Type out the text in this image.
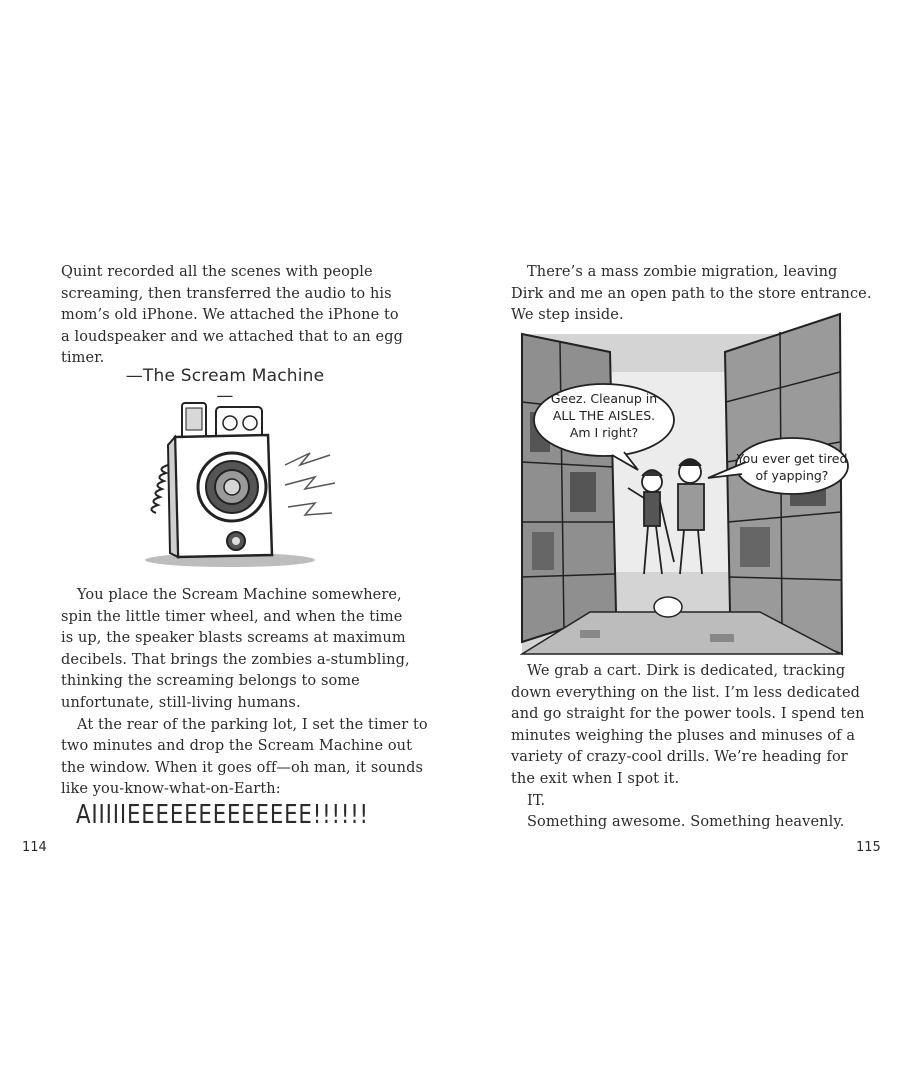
Quint recorded all the scenes with people
screaming, then transferred the audio to his
mom’s old iPhone. We attached the iPhone to
a loudspeaker and we attached that to an egg
timer.
—The Scream Machine—
You place the Scream Machine somewhere,
spin the little timer wheel, and when the time
is up, the speaker blasts screams at maximum
decibels. That brings the zombies a-stumbling,
thinking the screaming belongs to some
unfortunate, still-living humans.
At the rear of the parking lot, I set the timer to
two minutes and drop the Scream Machine out
the window. When it goes off—oh man, it sounds
like you-know-what-on-Earth:
AIIIIIEEEEEEEEEEEEE!!!!!!
114
There’s a mass zombie migration, leaving
Dirk and me an open path to the store entrance.
We step inside.
Geez. Cleanup in
ALL THE AISLES.
Am I right?
You ever get tired
of yapping?
We grab a cart. Dirk is dedicated, tracking
down everything on the list. I’m less dedicated
and go straight for the power tools. I spend ten
minutes weighing the pluses and minuses of a
variety of crazy-cool drills. We’re heading for
the exit when I spot it.
IT.
Something awesome. Something heavenly.
115
